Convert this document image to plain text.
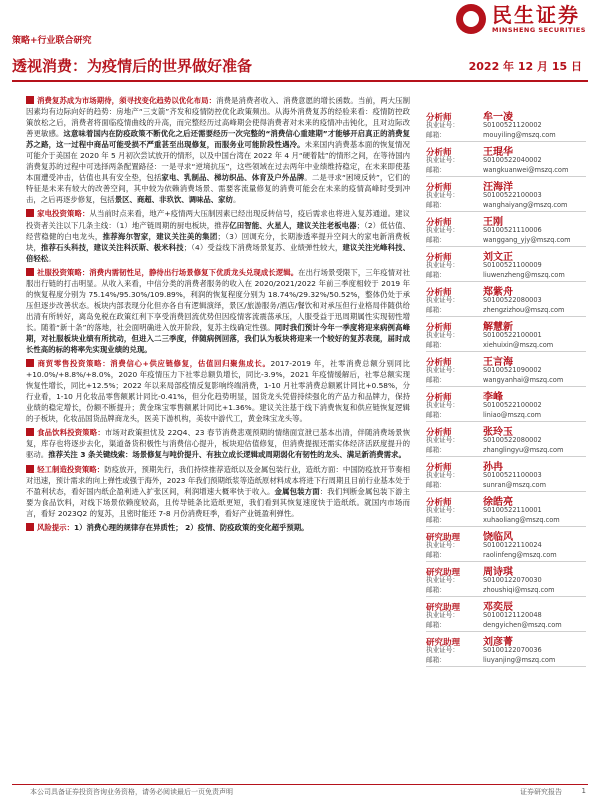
策略+行业联合研究
民生证券
MINSHENG SECURITIES
透视消费：为疫情后的世界做好准备	2022 年 12 月 15 日

消费复苏成为市场期待，须寻找变化趋势以优化布局：消费是消费者收入、消费意愿的增长函数。当前，两大压制因素均有边际向好的趋势：房地产“三支箭”齐发和疫情防控优化政策频出。从海外消费复苏的经验来看：疫情防控政策放松之后，消费者将面临疫情曲线的升高，而完整经历过高峰期会使得消费者对未来的疫情冲击钝化，且对边际改善更敏感。这意味着国内在防疫政策不断优化之后还需要经历一次完整的“消费信心重建期”才能够开启真正的消费复苏之路，这一过程中商品可能受损不严重甚至出现修复，而服务业可能阶段性遇冷。未来国内消费基本面的恢复情况可能介于美国在 2020 年 5 月初次尝试放开的情形，以及中国台湾在 2022 年 4 月“硬着陆”的情形之间，在等待国内消费复苏的过程中可选择两条配置路径：一是寻求“逆境抗压”，这些领域在过去两年中业绩维持稳定，在未来即使基本面遭受冲击，估值也具有安全垫，包括家电、乳制品、梯坊织品、体育及户外品牌。二是寻求“困境反转”，它们的特征是未来有较大的改善空间，其中较为依赖消费场景、需要客流量修复的消费可能会在未来的疫情高峰时受到冲击，之后再逐步修复，包括景区、商超、非玖饮、调味品、家纺。

家电投资策略：从当前时点来看，地产+疫情两大压制因素已经出现反转信号，疫后需求也将进入复苏通道。建议投资者关注以下几条主线：（1）地产链周期的厨电板块，推荐亿田智能、火星人，建议关注老板电器；（2）低估值、经营稳健的白电龙头，推荐海尔智家，建议关注美的集团；（3）回调充分，长期渗透率提升空间大的家电新消费板块，推荐石头科技，建议关注科沃斯、极米科技；（4）受益线下消费场景复苏、业绩弹性较大，建议关注光峰科技、倍轻松。

社服投资策略：消费内需韧性足，静待出行场景修复下优质龙头兑现成长逻辑。在出行场景受限下，三年疫情对社服出行链的打击明显。从收入来看，中信分类的消费者服务的收入在 2020/2021/2022 年前三季度相较于 2019 年的恢复程度分别为 75.14%/95.30%/109.89%，利润的恢复程度分别为 18.74%/29.32%/50.52%，整体仍处于承压但逐步改善状态。板块内部表现分化但亦各自有逻辑演绎，景区/旅游服务/酒店/餐饮和对承压但行业格局伴随供给出清有所转好，离岛免税在政策红利下享受消费回流优势但因疫情客流震荡承压，人服受益于迅周期属性实现韧性增长。随着“新十条”的落地，社会面明确进入放开阶段，复苏主线确定性强。同时我们预计今年一季度将迎来病例高峰期，对社服板块业绩有所扰动，但进入二三季度，伴随病例回落，我们认为板块将迎来一个较好的复苏表现，届时成长性高的标的将率先实现业绩的兑现。

商贸零售投资策略：消费信心+供应链修复，估值回归聚焦成长。2017-2019 年，社零消费总额分别同比+10.0%/+8.8%/+8.0%，2020 年疫情压力下社零总额负增长，同比-3.9%，2021 年疫情缓解后，社零总额实现恢复性增长，同比+12.5%；2022 年以来局部疫情反复影响终端消费，1-10 月社零消费总额累计同比+0.58%，分行业看，1-10 月化妆品零售额累计同比-0.41%，但分化趋势明显，国货龙头凭借持续强化的产品力和品牌力，保持业绩的稳定增长，份额不断提升；黄金珠宝零售额累计同比+1.36%。建议关注基于线下消费恢复和供应链恢复逻辑的子板块，化妆品国货品牌商龙头，医美下游机构，美妆中游代工，黄金珠宝龙头等。

食品饮料投资策略：市场对政策担忧及 22Q4、23 春节消费悲观预期的情绪面宣泄已基本出清，伴随消费场景恢复，库存也将逐步去化，渠道备货积极性与消费信心提升，板块迎估值修复，但消费提振还需实体经济活跃度提升的驱动。推荐关注 3 条关键线索：场景修复与吨价提升、有独立成长逻辑或周期弱化有韧性的龙头、满足新消费需求。

轻工制造投资策略：防疫放开，预期先行，我们持续推荐造纸以及金属包装行业，造纸方面：中国防疫放开节奏相对迅速，预计需求的向上弹性或强于海外，2023 年我们预期纸浆等造纸原材料成本将进下行周期且目前行业基本处于不盈利状态，看好国内纸企盈利进入扩张区间，利润增速大概率快于收入。金属包装方面：我们判断金属包装下游主要为食品饮料，对线下场景依赖度较高，且传导链条比造纸更短，我们看到其恢复速度快于造纸纸。就国内市场而言，看好 2023Q2 的复苏，且密时能还 7-8 月份消费旺季，看好产业链盈利弹性。

风险提示：1）消费心理的规律存在异质性； 2）疫情、防疫政策的变化超乎预期。

分析师	牟一凌
执业证号：	S0100521120002
邮箱：	mouyiling@mszq.com
分析师	王琨华
执业证号：	S0100522040002
邮箱：	wangkuanwei@mszq.com
分析师	汪海洋
执业证号：	S0100522100003
邮箱：	wanghaiyang@mszq.com
分析师	王刚
执业证号：	S0100521110006
邮箱：	wanggang_yjy@mszq.com
分析师	刘文正
执业证号：	S0100521100009
邮箱：	liuwenzheng@mszq.com
分析师	郑紫舟
执业证号：	S0100522080003
邮箱：	zhengzizhou@mszq.com
分析师	解慧新
执业证号：	S0100522100001
邮箱：	xiehuixin@mszq.com
分析师	王言海
执业证号：	S0100521090002
邮箱：	wangyanhai@mszq.com
分析师	李峰
执业证号：	S0100522100002
邮箱：	liniao@mszq.com
分析师	张玲玉
执业证号：	S0100522080002
邮箱：	zhanglingyu@mszq.com
分析师	孙冉
执业证号：	S0100521100003
邮箱：	sunran@mszq.com
分析师	徐皓亮
执业证号：	S0100522110001
邮箱：	xuhaoliang@mszq.com
研究助理	饶临风
执业证号：	S0100122110024
邮箱：	raolinfeng@mszq.com
研究助理	周诗琪
执业证号：	S0100122070030
邮箱：	zhoushiqi@mszq.com
研究助理	邓奕辰
执业证号：	S0100121120048
邮箱：	dengyichen@mszq.com
研究助理	刘彦菁
执业证号：	S0100122070036
邮箱：	liuyanjing@mszq.com
本公司具备证券投资咨询业务资格，请务必阅读最后一页免责声明	证券研究报告	1
